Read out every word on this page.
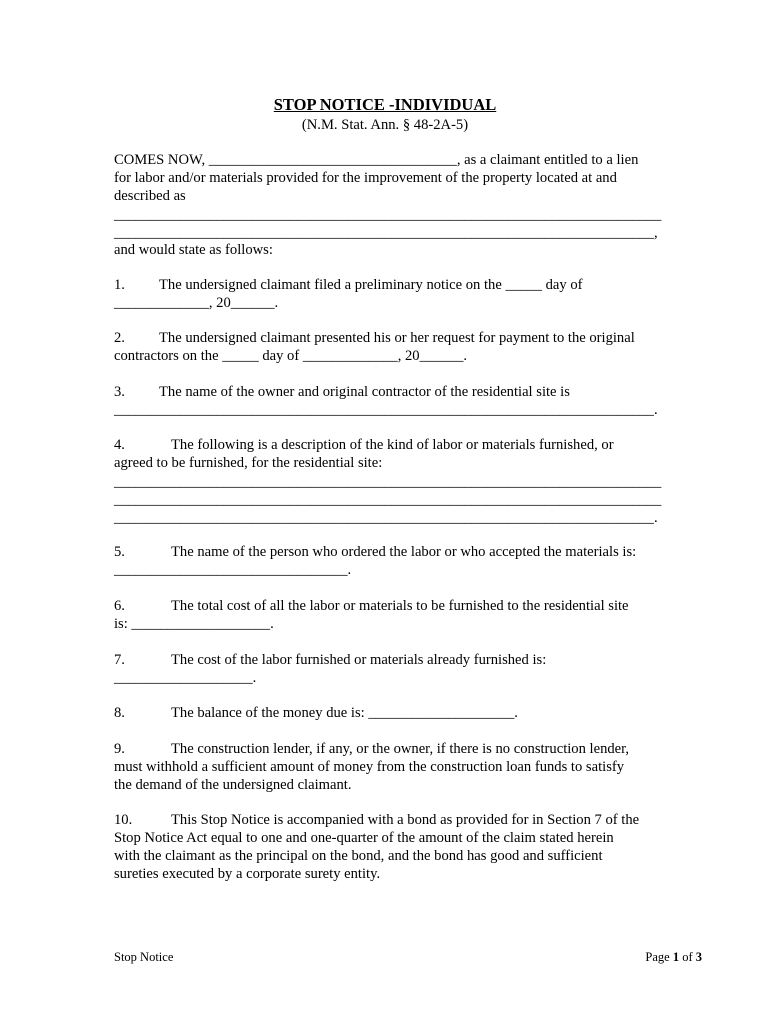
STOP NOTICE -INDIVIDUAL
(N.M. Stat. Ann. § 48-2A-5)
COMES NOW, __________________________________, as a claimant entitled to a lien
for labor and/or materials provided for the improvement of the property located at and
described as
___________________________________________________________________________
__________________________________________________________________________,
and would state as follows:
1. The undersigned claimant filed a preliminary notice on the _____ day of
_____________, 20______.
2. The undersigned claimant presented his or her request for payment to the original
contractors on the _____ day of _____________, 20______.
3. The name of the owner and original contractor of the residential site is
__________________________________________________________________________.
4.	The following is a description of the kind of labor or materials furnished, or
agreed to be furnished, for the residential site:
___________________________________________________________________________
___________________________________________________________________________
__________________________________________________________________________.
5.	The name of the person who ordered the labor or who accepted the materials is:
________________________________.
6.	The total cost of all the labor or materials to be furnished to the residential site
is: ___________________.
7.	The cost of the labor furnished or materials already furnished is:
___________________.
8.	The balance of the money due is: ____________________.
9.	The construction lender, if any, or the owner, if there is no construction lender,
must withhold a sufficient amount of money from the construction loan funds to satisfy
the demand of the undersigned claimant.
10.	This Stop Notice is accompanied with a bond as provided for in Section 7 of the
Stop Notice Act equal to one and one-quarter of the amount of the claim stated herein
with the claimant as the principal on the bond, and the bond has good and sufficient
sureties executed by a corporate surety entity.
Stop Notice	Page 1 of 3
